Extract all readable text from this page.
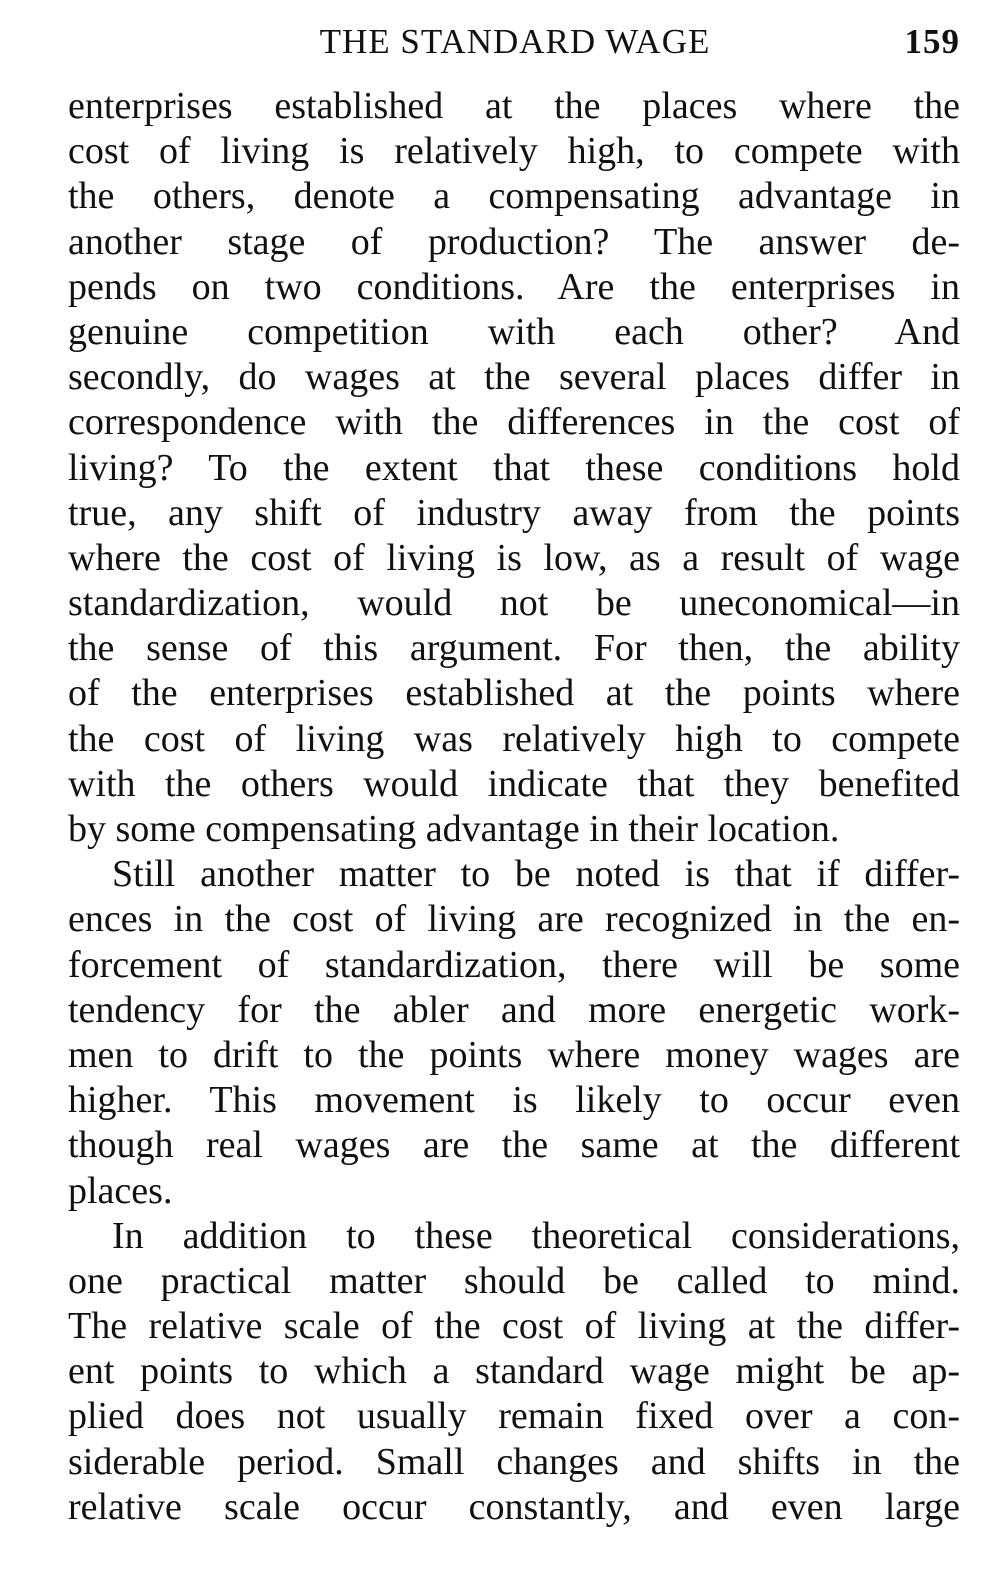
THE STANDARD WAGE	159
enterprises established at the places where the
cost of living is relatively high, to compete with
the others, denote a compensating advantage in
another stage of production? The answer de-
pends on two conditions. Are the enterprises in
genuine competition with each other? And
secondly, do wages at the several places differ in
correspondence with the differences in the cost of
living? To the extent that these conditions hold
true, any shift of industry away from the points
where the cost of living is low, as a result of wage
standardization, would not be uneconomical—in
the sense of this argument. For then, the ability
of the enterprises established at the points where
the cost of living was relatively high to compete
with the others would indicate that they benefited
by some compensating advantage in their location.
Still another matter to be noted is that if differ-
ences in the cost of living are recognized in the en-
forcement of standardization, there will be some
tendency for the abler and more energetic work-
men to drift to the points where money wages are
higher. This movement is likely to occur even
though real wages are the same at the different
places.
In addition to these theoretical considerations,
one practical matter should be called to mind.
The relative scale of the cost of living at the differ-
ent points to which a standard wage might be ap-
plied does not usually remain fixed over a con-
siderable period. Small changes and shifts in the
relative scale occur constantly, and even large
